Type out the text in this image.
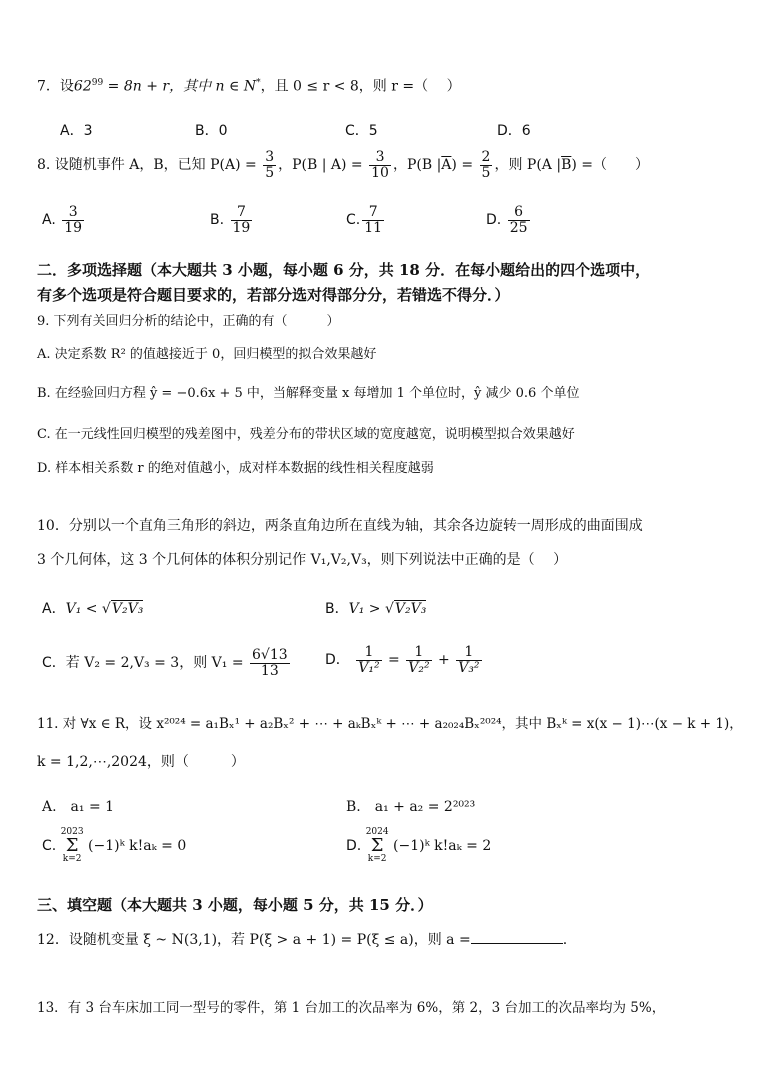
7．设$62^{99} = 8n + r$，其中 n ∈ N*，且 0 ≤ r < 8，则 r =（　 ）
A．3	B．0	C．5	D．6
8. 设随机事件 A，B，已知 $P(A) = \frac{3}{5}$ ，P(B | $A) = \frac{3}{10}$ ，P(B $|\overline{A}) = \frac{2}{5}$ ，则 P(A $|\overline{B}$) =（　　）
A. $\frac{3}{19}$	B. $\frac{7}{19}$	C. $\frac{7}{11}$	D. $\frac{6}{25}$
二．多项选择题（本大题共 3 小题，每小题 6 分，共 18 分．在每小题给出的四个选项中，
有多个选项是符合题目要求的，若部分选对得部分分，若错选不得分．）
9. 下列有关回归分析的结论中，正确的有（　　　）
A. 决定系数 R² 的值越接近于 0，回归模型的拟合效果越好
B. 在经验回归方程 ŷ = −0.6x + 5 中，当解释变量 x 每增加 1 个单位时，ŷ 减少 0.6 个单位
C. 在一元线性回归模型的残差图中，残差分布的带状区域的宽度越宽，说明模型拟合效果越好
D. 样本相关系数 r 的绝对值越小，成对样本数据的线性相关程度越弱
10．分别以一个直角三角形的斜边，两条直角边所在直线为轴，其余各边旋转一周形成的曲面围成
3 个几何体，这 3 个几何体的体积分别记作 V₁,V₂,V₃，则下列说法中正确的是（　 ）
A．V₁ < √V₂V₃	B．V₁ > √V₂V₃
C．若 V₂ = 2,V₃ = 3，则 $V_1 = \frac{6√13}{13}$	D． $\frac{1}{\text{V₁²}} = \frac{1}{\text{V₂²}} + \frac{1}{\text{V₃²}}$
11. 对 ∀x ∈ R，设 x²⁰²⁴ = a₁Bₓ¹ + a₂Bₓ² + ⋯ + aₖBₓᵏ + ⋯ + a₂₀₂₄Bₓ²⁰²⁴，其中 Bₓᵏ = x(x − 1)⋯(x − k + 1)，
k = 1,2,⋯,2024，则（　　　）
A.　a₁ = 1	B.　a₁ + a₂ = 2²⁰²³
C. 2023
Σ
k=2 (−1)ᵏ k!aₖ = 0	D. 2024
Σ
k=2 (−1)ᵏ k!aₖ = 2
三、填空题（本大题共 3 小题，每小题 5 分，共 15 分．）
12．设随机变量 ξ ~ N(3,1)，若 P(ξ > a + 1) = P(ξ ≤ a)，则 a =	.
13．有 3 台车床加工同一型号的零件，第 1 台加工的次品率为 6%，第 2，3 台加工的次品率均为 5%，
